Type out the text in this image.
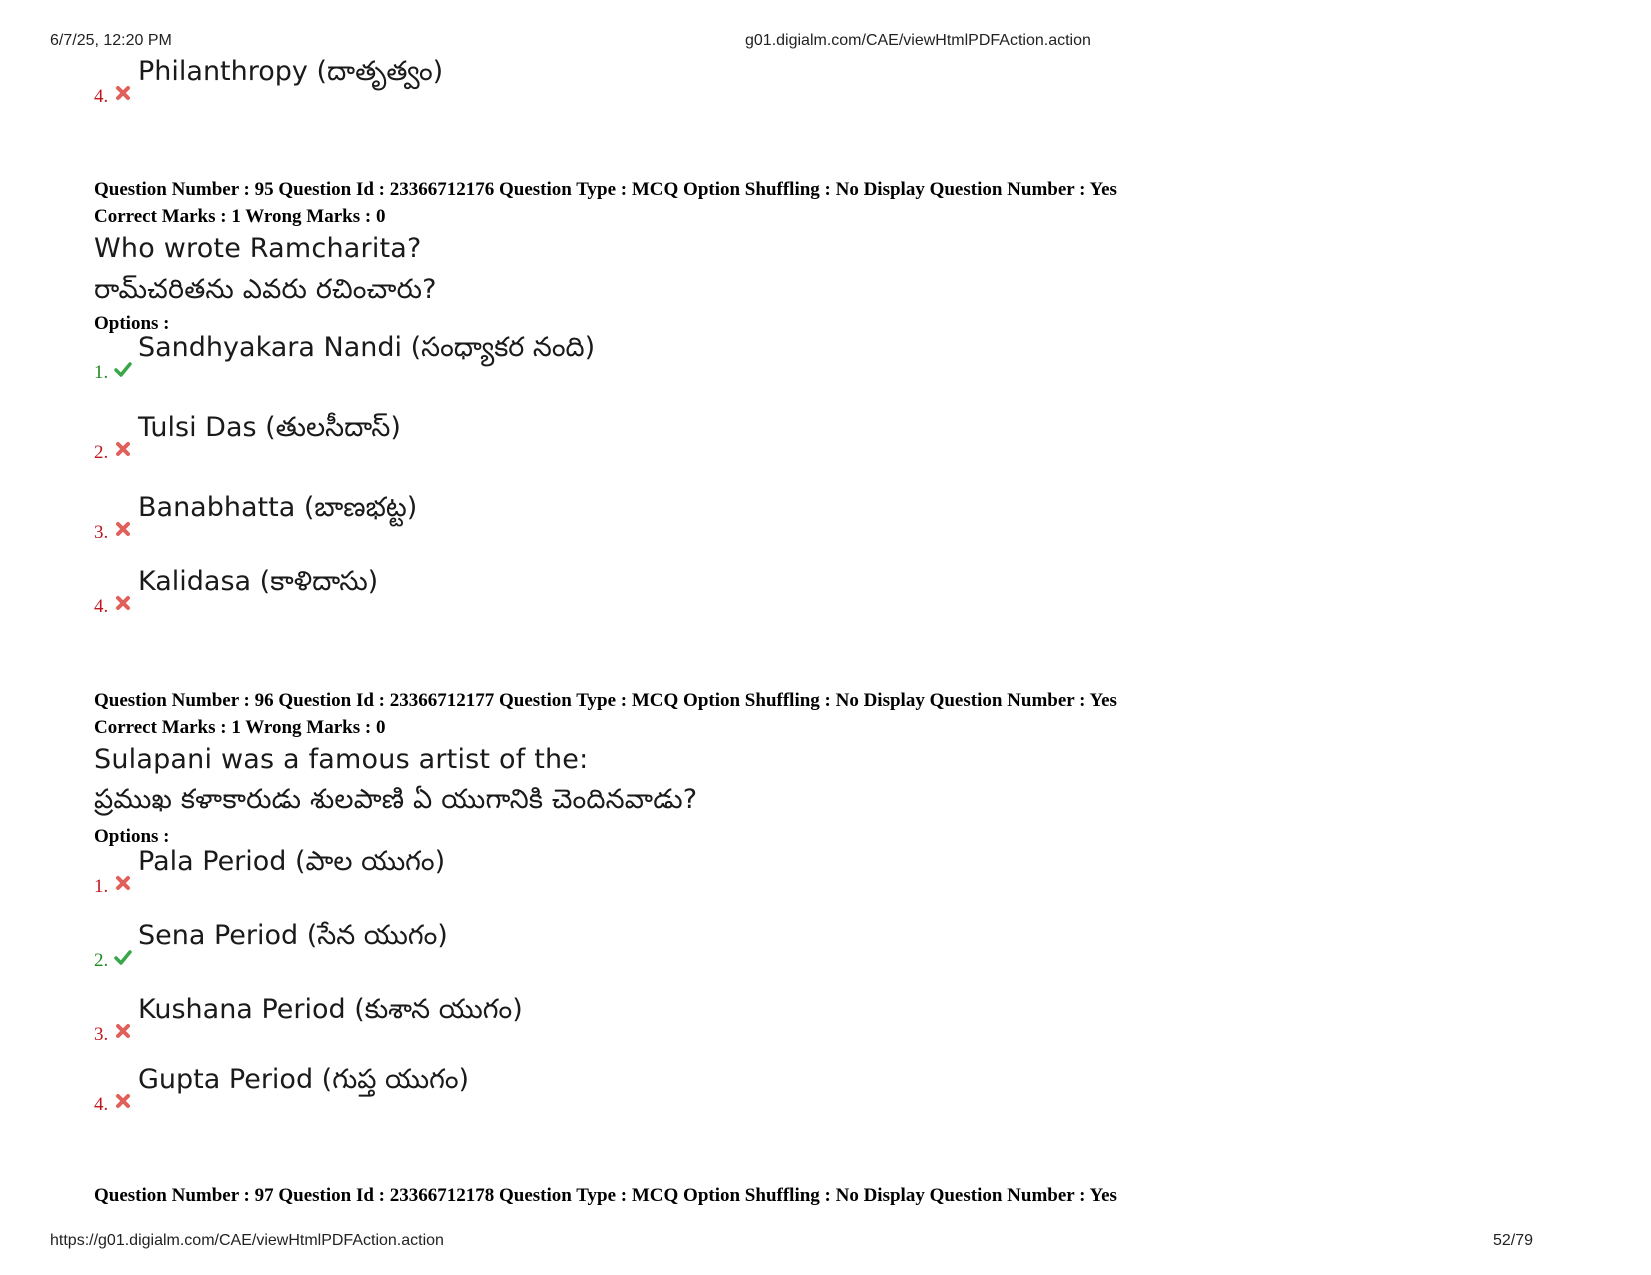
6/7/25, 12:20 PM	g01.digialm.com/CAE/viewHtmlPDFAction.action
4.
Philanthropy (దాతృత్వం)
Question Number : 95 Question Id : 23366712176 Question Type : MCQ Option Shuffling : No Display Question Number : Yes
Correct Marks : 1 Wrong Marks : 0
Who wrote Ramcharita?
రామ్‌చరితను ఎవరు రచించారు?
Options :
1.
Sandhyakara Nandi (సంధ్యాకర నంది)
2.
Tulsi Das (తులసీదాస్)
3.
Banabhatta (బాణభట్ట)
4.
Kalidasa (కాళిదాసు)
Question Number : 96 Question Id : 23366712177 Question Type : MCQ Option Shuffling : No Display Question Number : Yes
Correct Marks : 1 Wrong Marks : 0
Sulapani was a famous artist of the:
ప్రముఖ కళాకారుడు శులపాణి ఏ యుగానికి చెందినవాడు?
Options :
1.
Pala Period (పాల యుగం)
2.
Sena Period (సేన యుగం)
3.
Kushana Period (కుశాన యుగం)
4.
Gupta Period (గుప్త యుగం)
Question Number : 97 Question Id : 23366712178 Question Type : MCQ Option Shuffling : No Display Question Number : Yes
https://g01.digialm.com/CAE/viewHtmlPDFAction.action	52/79
